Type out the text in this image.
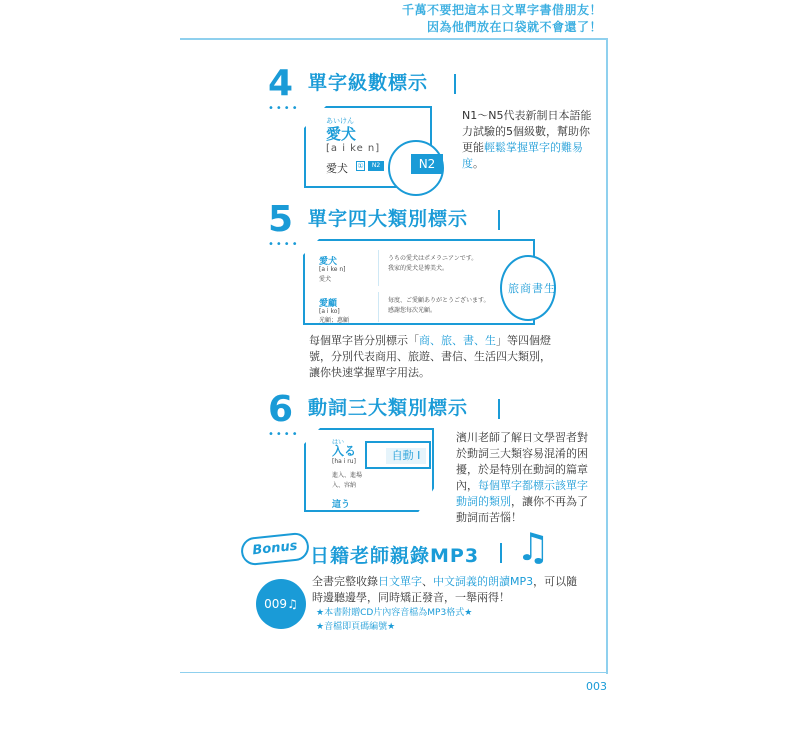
千萬不要把這本日文單字書借朋友！
因為他們放在口袋就不會還了！
4
••••
單字級數標示
あいけん
愛犬
[a i ke n]
愛犬 ①	N2	N2
N1～N5代表新制日本語能力試驗的5個級數，幫助你更能輕鬆掌握單字的難易度。
5
••••
單字四大類別標示
愛犬
[a i ke n]
愛犬
うちの愛犬はポメラニアンです。
我家的愛犬是博美犬。
愛顧
[a i ko]
光顧；惠顧
毎度、ご愛顧ありがとうございます。
感謝您每次光顧。
旅商書生
每個單字皆分別標示「商、旅、書、生」等四個燈號，分別代表商用、旅遊、書信、生活四大類別，讓你快速掌握單字用法。
6
••••
動詞三大類別標示
はい
入る
[ha i ru]
進入、進場
入、容納
這う
自動 I
濱川老師了解日文學習者對於動詞三大類容易混淆的困擾，於是特別在動詞的篇章內，每個單字都標示該單字動詞的類別，讓你不再為了動詞而苦惱！
Bonus 日籍老師親錄MP3 ♫
009♫
全書完整收錄日文單字、中文詞義的朗讀MP3，可以隨時邊聽邊學，同時矯正發音，一舉兩得！
★本書附贈CD片內容音檔為MP3格式★
★音檔即頁碼編號★
003
